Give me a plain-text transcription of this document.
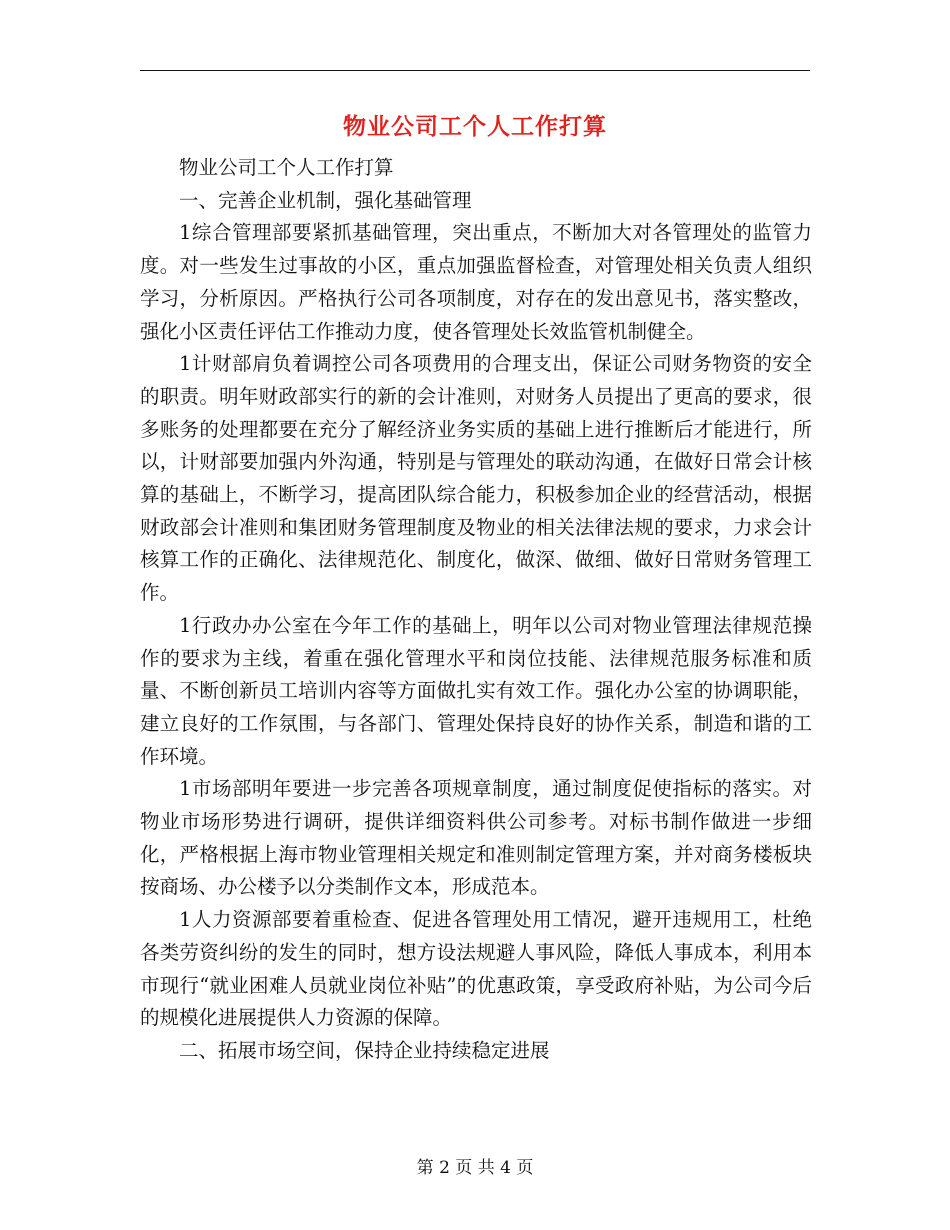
物业公司工个人工作打算

物业公司工个人工作打算

一、完善企业机制，强化基础管理

1综合管理部要紧抓基础管理，突出重点，不断加大对各管理处的监管力度。对一些发生过事故的小区，重点加强监督检查，对管理处相关负责人组织学习，分析原因。严格执行公司各项制度，对存在的发出意见书，落实整改，强化小区责任评估工作推动力度，使各管理处长效监管机制健全。

1计财部肩负着调控公司各项费用的合理支出，保证公司财务物资的安全的职责。明年财政部实行的新的会计准则，对财务人员提出了更高的要求，很多账务的处理都要在充分了解经济业务实质的基础上进行推断后才能进行，所以，计财部要加强内外沟通，特别是与管理处的联动沟通，在做好日常会计核算的基础上，不断学习，提高团队综合能力，积极参加企业的经营活动，根据财政部会计准则和集团财务管理制度及物业的相关法律法规的要求，力求会计核算工作的正确化、法律规范化、制度化，做深、做细、做好日常财务管理工作。

1行政办办公室在今年工作的基础上，明年以公司对物业管理法律规范操作的要求为主线，着重在强化管理水平和岗位技能、法律规范服务标准和质量、不断创新员工培训内容等方面做扎实有效工作。强化办公室的协调职能，建立良好的工作氛围，与各部门、管理处保持良好的协作关系，制造和谐的工作环境。

1市场部明年要进一步完善各项规章制度，通过制度促使指标的落实。对物业市场形势进行调研，提供详细资料供公司参考。对标书制作做进一步细化，严格根据上海市物业管理相关规定和准则制定管理方案，并对商务楼板块按商场、办公楼予以分类制作文本，形成范本。

1人力资源部要着重检查、促进各管理处用工情况，避开违规用工，杜绝各类劳资纠纷的发生的同时，想方设法规避人事风险，降低人事成本，利用本市现行“就业困难人员就业岗位补贴”的优惠政策，享受政府补贴，为公司今后的规模化进展提供人力资源的保障。

二、拓展市场空间，保持企业持续稳定进展

第 2 页 共 4 页
